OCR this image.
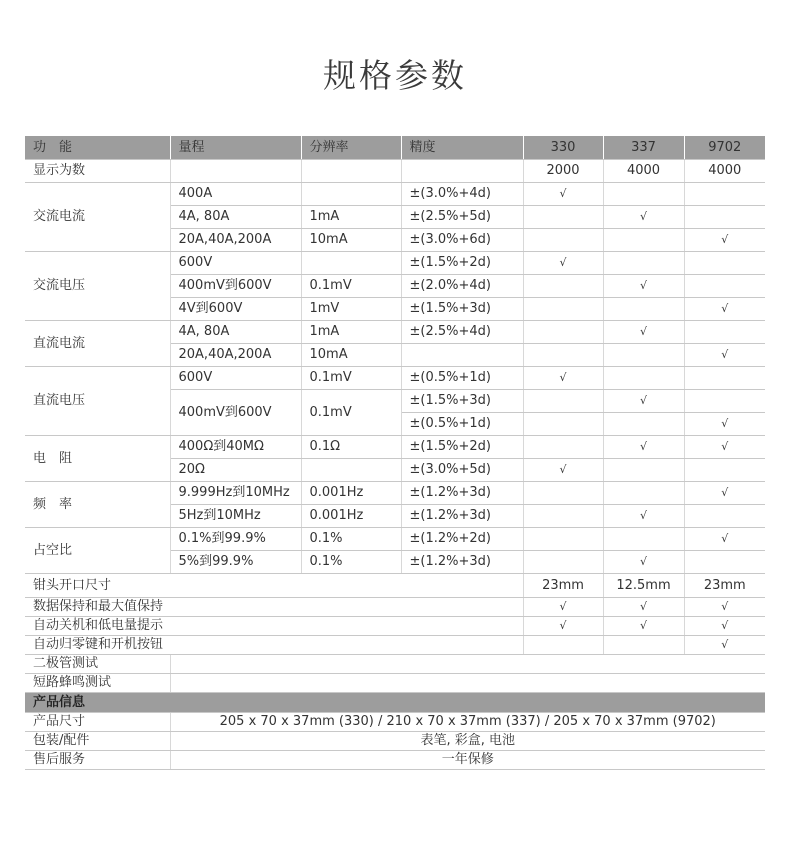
规格参数
功　能	量程	分辨率	精度	330	337	9702
显示为数				2000	4000	4000
交流电流	400A		±(3.0%+4d)	√		
	4A, 80A	1mA	±(2.5%+5d)		√	
	20A,40A,200A	10mA	±(3.0%+6d)			√
交流电压	600V		±(1.5%+2d)	√		
	400mV到600V	0.1mV	±(2.0%+4d)		√	
	4V到600V	1mV	±(1.5%+3d)			√
直流电流	4A, 80A	1mA	±(2.5%+4d)		√	
	20A,40A,200A	10mA				√
直流电压	600V	0.1mV	±(0.5%+1d)	√		
	400mV到600V	0.1mV	±(1.5%+3d)		√	
			±(0.5%+1d)			√
电　阻	400Ω到40MΩ	0.1Ω	±(1.5%+2d)		√	√
	20Ω		±(3.0%+5d)	√		
频　率	9.999Hz到10MHz	0.001Hz	±(1.2%+3d)			√
	5Hz到10MHz	0.001Hz	±(1.2%+3d)		√	
占空比	0.1%到99.9%	0.1%	±(1.2%+2d)			√
	5%到99.9%	0.1%	±(1.2%+3d)		√	
钳头开口尺寸				23mm	12.5mm	23mm
数据保持和最大值保持				√	√	√
自动关机和低电量提示				√	√	√
自动归零键和开机按钮						√
二极管测试						
短路蜂鸣测试						
产品信息						
产品尺寸	205 x 70 x 37mm (330) / 210 x 70 x 37mm (337) / 205 x 70 x 37mm (9702)					
包装/配件	表笔, 彩盒, 电池					
售后服务	一年保修					
